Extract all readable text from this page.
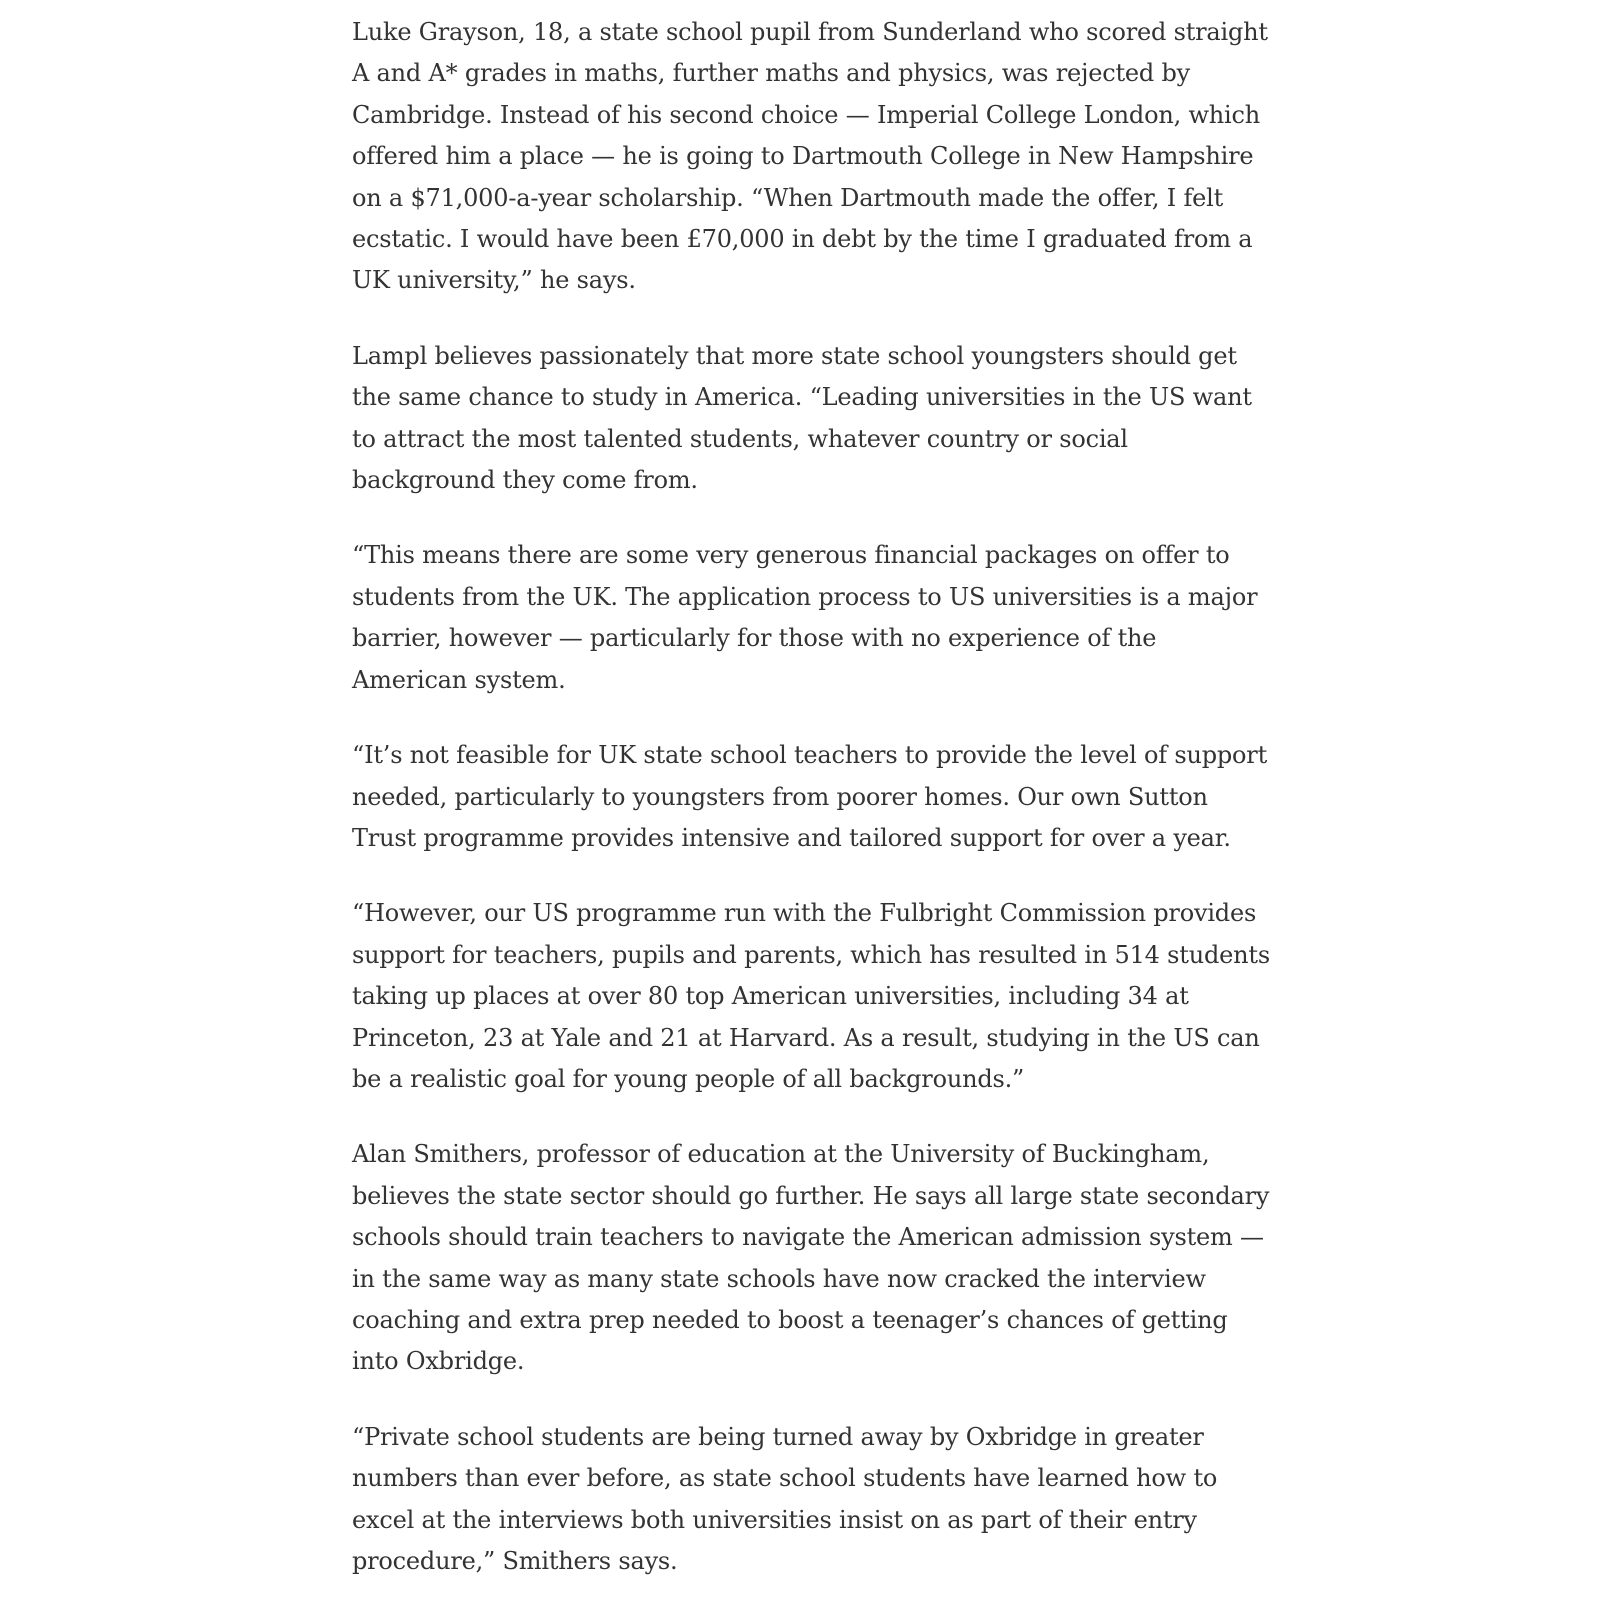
Luke Grayson, 18, a state school pupil from Sunderland who scored straight A and A* grades in maths, further maths and physics, was rejected by Cambridge. Instead of his second choice — Imperial College London, which offered him a place — he is going to Dartmouth College in New Hampshire on a $71,000-a-year scholarship. “When Dartmouth made the offer, I felt ecstatic. I would have been £70,000 in debt by the time I graduated from a UK university,” he says.

Lampl believes passionately that more state school youngsters should get the same chance to study in America. “Leading universities in the US want to attract the most talented students, whatever country or social background they come from.

“This means there are some very generous financial packages on offer to students from the UK. The application process to US universities is a major barrier, however — particularly for those with no experience of the American system.

“It’s not feasible for UK state school teachers to provide the level of support needed, particularly to youngsters from poorer homes. Our own Sutton Trust programme provides intensive and tailored support for over a year.

“However, our US programme run with the Fulbright Commission provides support for teachers, pupils and parents, which has resulted in 514 students taking up places at over 80 top American universities, including 34 at Princeton, 23 at Yale and 21 at Harvard. As a result, studying in the US can be a realistic goal for young people of all backgrounds.”

Alan Smithers, professor of education at the University of Buckingham, believes the state sector should go further. He says all large state secondary schools should train teachers to navigate the American admission system — in the same way as many state schools have now cracked the interview coaching and extra prep needed to boost a teenager’s chances of getting into Oxbridge.

“Private school students are being turned away by Oxbridge in greater numbers than ever before, as state school students have learned how to excel at the interviews both universities insist on as part of their entry procedure,” Smithers says.
